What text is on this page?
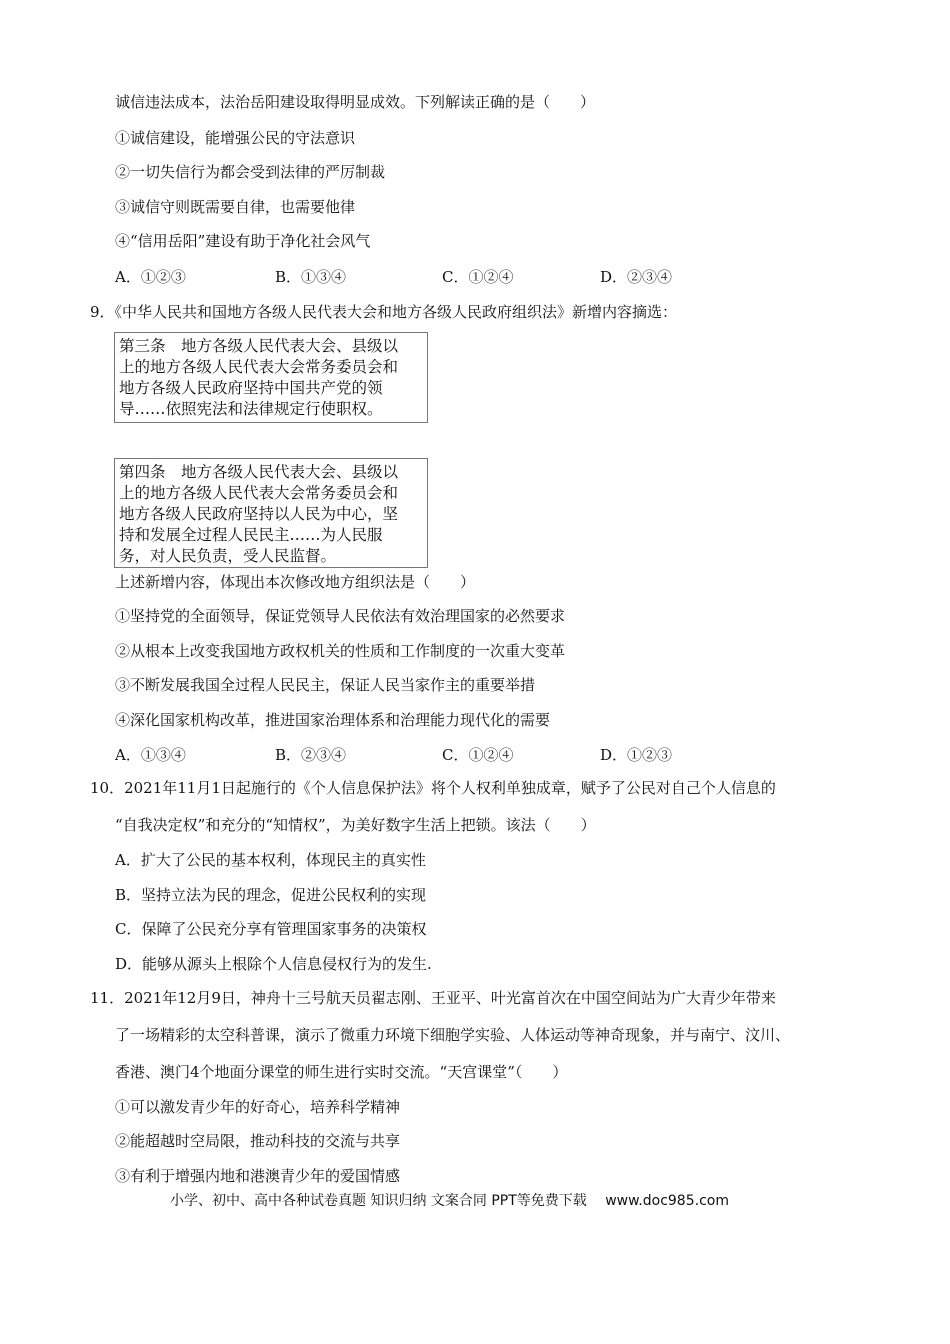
诚信违法成本，法治岳阳建设取得明显成效。下列解读正确的是（　　）
①诚信建设，能增强公民的守法意识
②一切失信行为都会受到法律的严厉制裁
③诚信守则既需要自律，也需要他律
④“信用岳阳”建设有助于净化社会风气
A．①②③	B．①③④	C．①②④	D．②③④
9．《中华人民共和国地方各级人民代表大会和地方各级人民政府组织法》新增内容摘选：
第三条　地方各级人民代表大会、县级以
上的地方各级人民代表大会常务委员会和
地方各级人民政府坚持中国共产党的领
导……依照宪法和法律规定行使职权。
第四条　地方各级人民代表大会、县级以
上的地方各级人民代表大会常务委员会和
地方各级人民政府坚持以人民为中心，坚
持和发展全过程人民民主……为人民服
务，对人民负责，受人民监督。
上述新增内容，体现出本次修改地方组织法是（　　）
①坚持党的全面领导，保证党领导人民依法有效治理国家的必然要求
②从根本上改变我国地方政权机关的性质和工作制度的一次重大变革
③不断发展我国全过程人民民主，保证人民当家作主的重要举措
④深化国家机构改革，推进国家治理体系和治理能力现代化的需要
A．①③④	B．②③④	C．①②④	D．①②③
10．2021年11月1日起施行的《个人信息保护法》将个人权利单独成章，赋予了公民对自己个人信息的
“自我决定权”和充分的“知情权”，为美好数字生活上把锁。该法（　　）
A．扩大了公民的基本权利，体现民主的真实性
B．坚持立法为民的理念，促进公民权利的实现
C．保障了公民充分享有管理国家事务的决策权
D．能够从源头上根除个人信息侵权行为的发生.
11．2021年12月9日，神舟十三号航天员翟志刚、王亚平、叶光富首次在中国空间站为广大青少年带来
了一场精彩的太空科普课，演示了微重力环境下细胞学实验、人体运动等神奇现象，并与南宁、汶川、
香港、澳门4个地面分课堂的师生进行实时交流。“天宫课堂”（　　）
①可以激发青少年的好奇心，培养科学精神
②能超越时空局限，推动科技的交流与共享
③有利于增强内地和港澳青少年的爱国情感
小学、初中、高中各种试卷真题 知识归纳 文案合同 PPT等免费下载　 www.doc985.com
